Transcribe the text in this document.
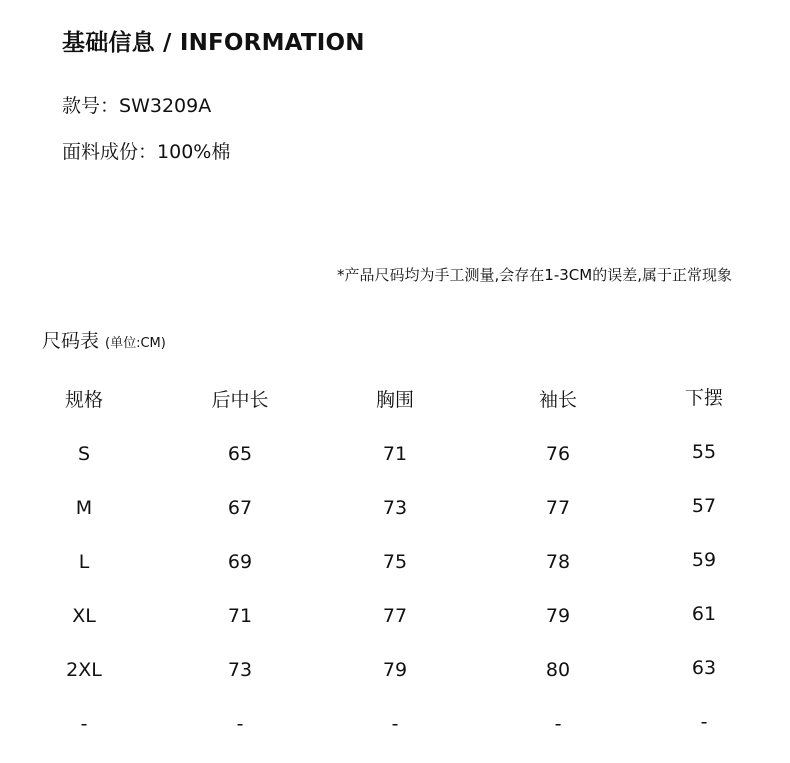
基础信息 / INFORMATION
款号：SW3209A
面料成份：100%棉
*产品尺码均为手工测量,会存在1-3CM的误差,属于正常现象
尺码表 (单位:CM)
规格	后中长	胸围	袖长	下摆
S	65	71	76	55
M	67	73	77	57
L	69	75	78	59
XL	71	77	79	61
2XL	73	79	80	63
-	-	-	-	-
